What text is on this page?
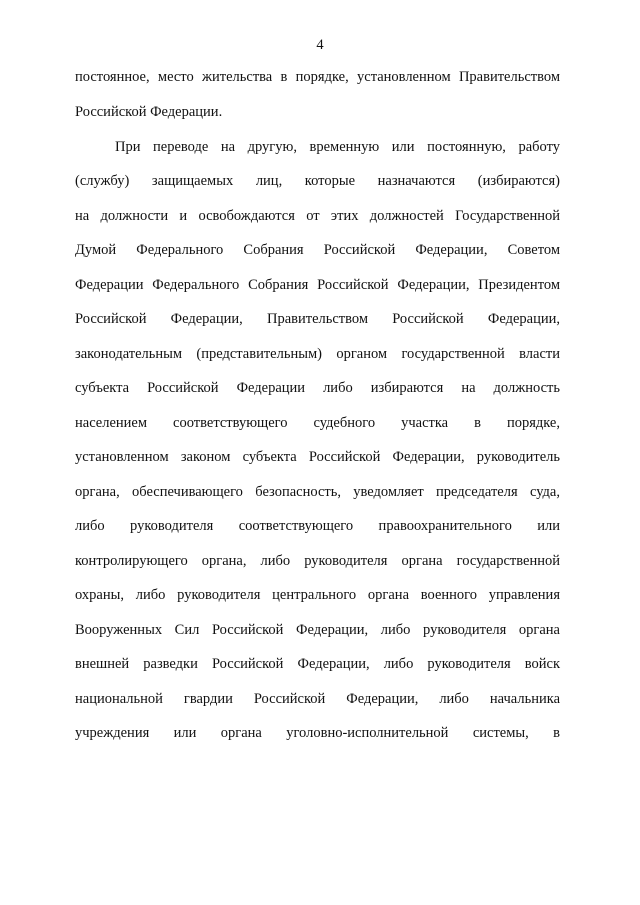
4
постоянное, место жительства в порядке, установленном Правительством
Российской Федерации.
При переводе на другую, временную или постоянную, работу
(службу) защищаемых лиц, которые назначаются (избираются)
на должности и освобождаются от этих должностей Государственной
Думой Федерального Собрания Российской Федерации, Советом
Федерации Федерального Собрания Российской Федерации, Президентом
Российской Федерации, Правительством Российской Федерации,
законодательным (представительным) органом государственной власти
субъекта Российской Федерации либо избираются на должность
населением соответствующего судебного участка в порядке,
установленном законом субъекта Российской Федерации, руководитель
органа, обеспечивающего безопасность, уведомляет председателя суда,
либо руководителя соответствующего правоохранительного или
контролирующего органа, либо руководителя органа государственной
охраны, либо руководителя центрального органа военного управления
Вооруженных Сил Российской Федерации, либо руководителя органа
внешней разведки Российской Федерации, либо руководителя войск
национальной гвардии Российской Федерации, либо начальника
учреждения или органа уголовно-исполнительной системы, в
